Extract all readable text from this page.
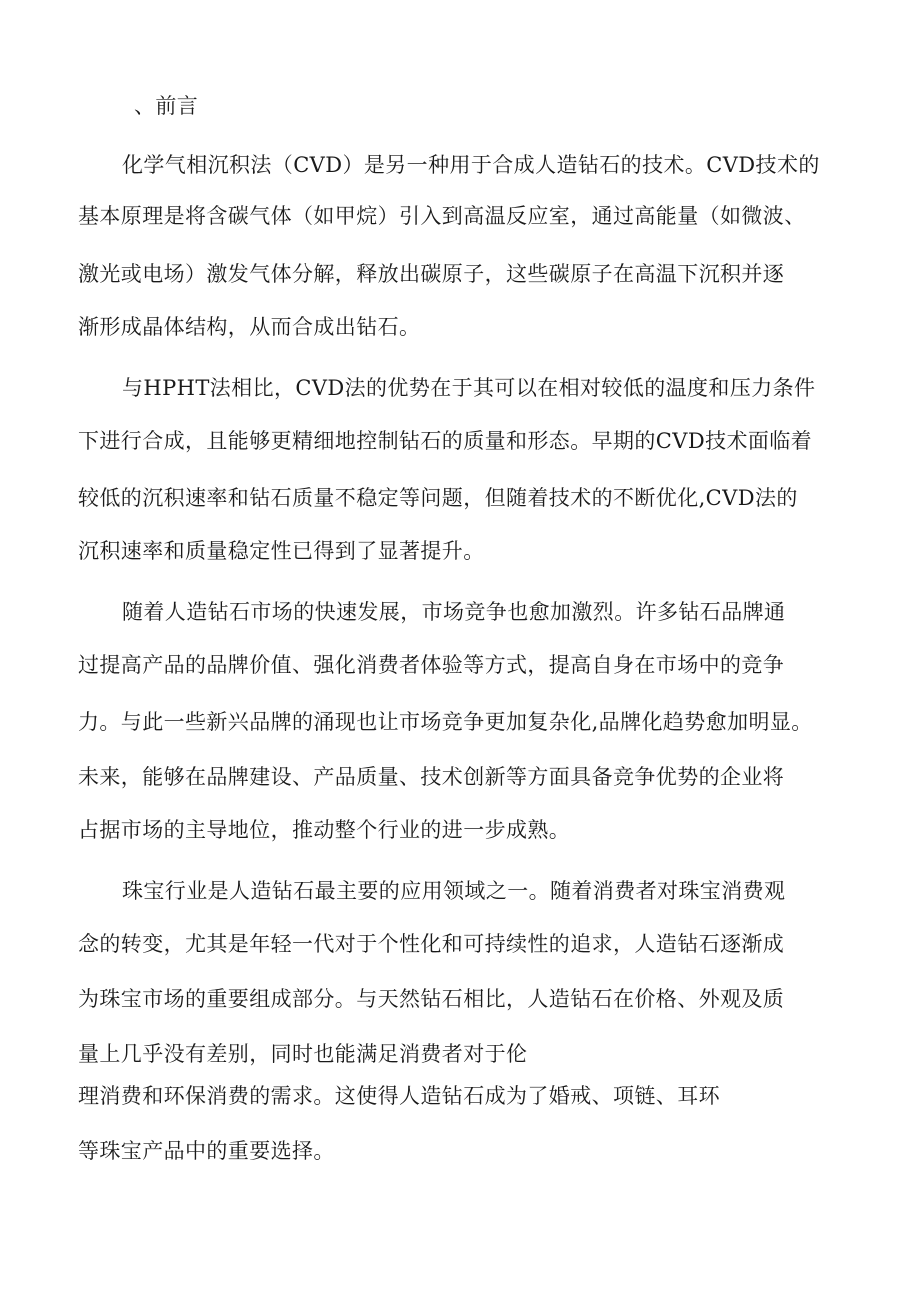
、前言

化学气相沉积法（CVD）是另一种用于合成人造钻石的技术。CVD技术的

基本原理是将含碳气体（如甲烷）引入到高温反应室，通过高能量（如微波、

激光或电场）激发气体分解，释放出碳原子，这些碳原子在高温下沉积并逐

渐形成晶体结构，从而合成出钻石。

与HPHT法相比，CVD法的优势在于其可以在相对较低的温度和压力条件

下进行合成，且能够更精细地控制钻石的质量和形态。早期的CVD技术面临着

较低的沉积速率和钻石质量不稳定等问题，但随着技术的不断优化,CVD法的

沉积速率和质量稳定性已得到了显著提升。

随着人造钻石市场的快速发展，市场竞争也愈加激烈。许多钻石品牌通

过提高产品的品牌价值、强化消费者体验等方式，提高自身在市场中的竞争

力。与此一些新兴品牌的涌现也让市场竞争更加复杂化,品牌化趋势愈加明显。

未来，能够在品牌建设、产品质量、技术创新等方面具备竞争优势的企业将

占据市场的主导地位，推动整个行业的进一步成熟。

珠宝行业是人造钻石最主要的应用领域之一。随着消费者对珠宝消费观

念的转变，尤其是年轻一代对于个性化和可持续性的追求，人造钻石逐渐成

为珠宝市场的重要组成部分。与天然钻石相比，人造钻石在价格、外观及质

量上几乎没有差别，同时也能满足消费者对于伦

理消费和环保消费的需求。这使得人造钻石成为了婚戒、项链、耳环

等珠宝产品中的重要选择。
